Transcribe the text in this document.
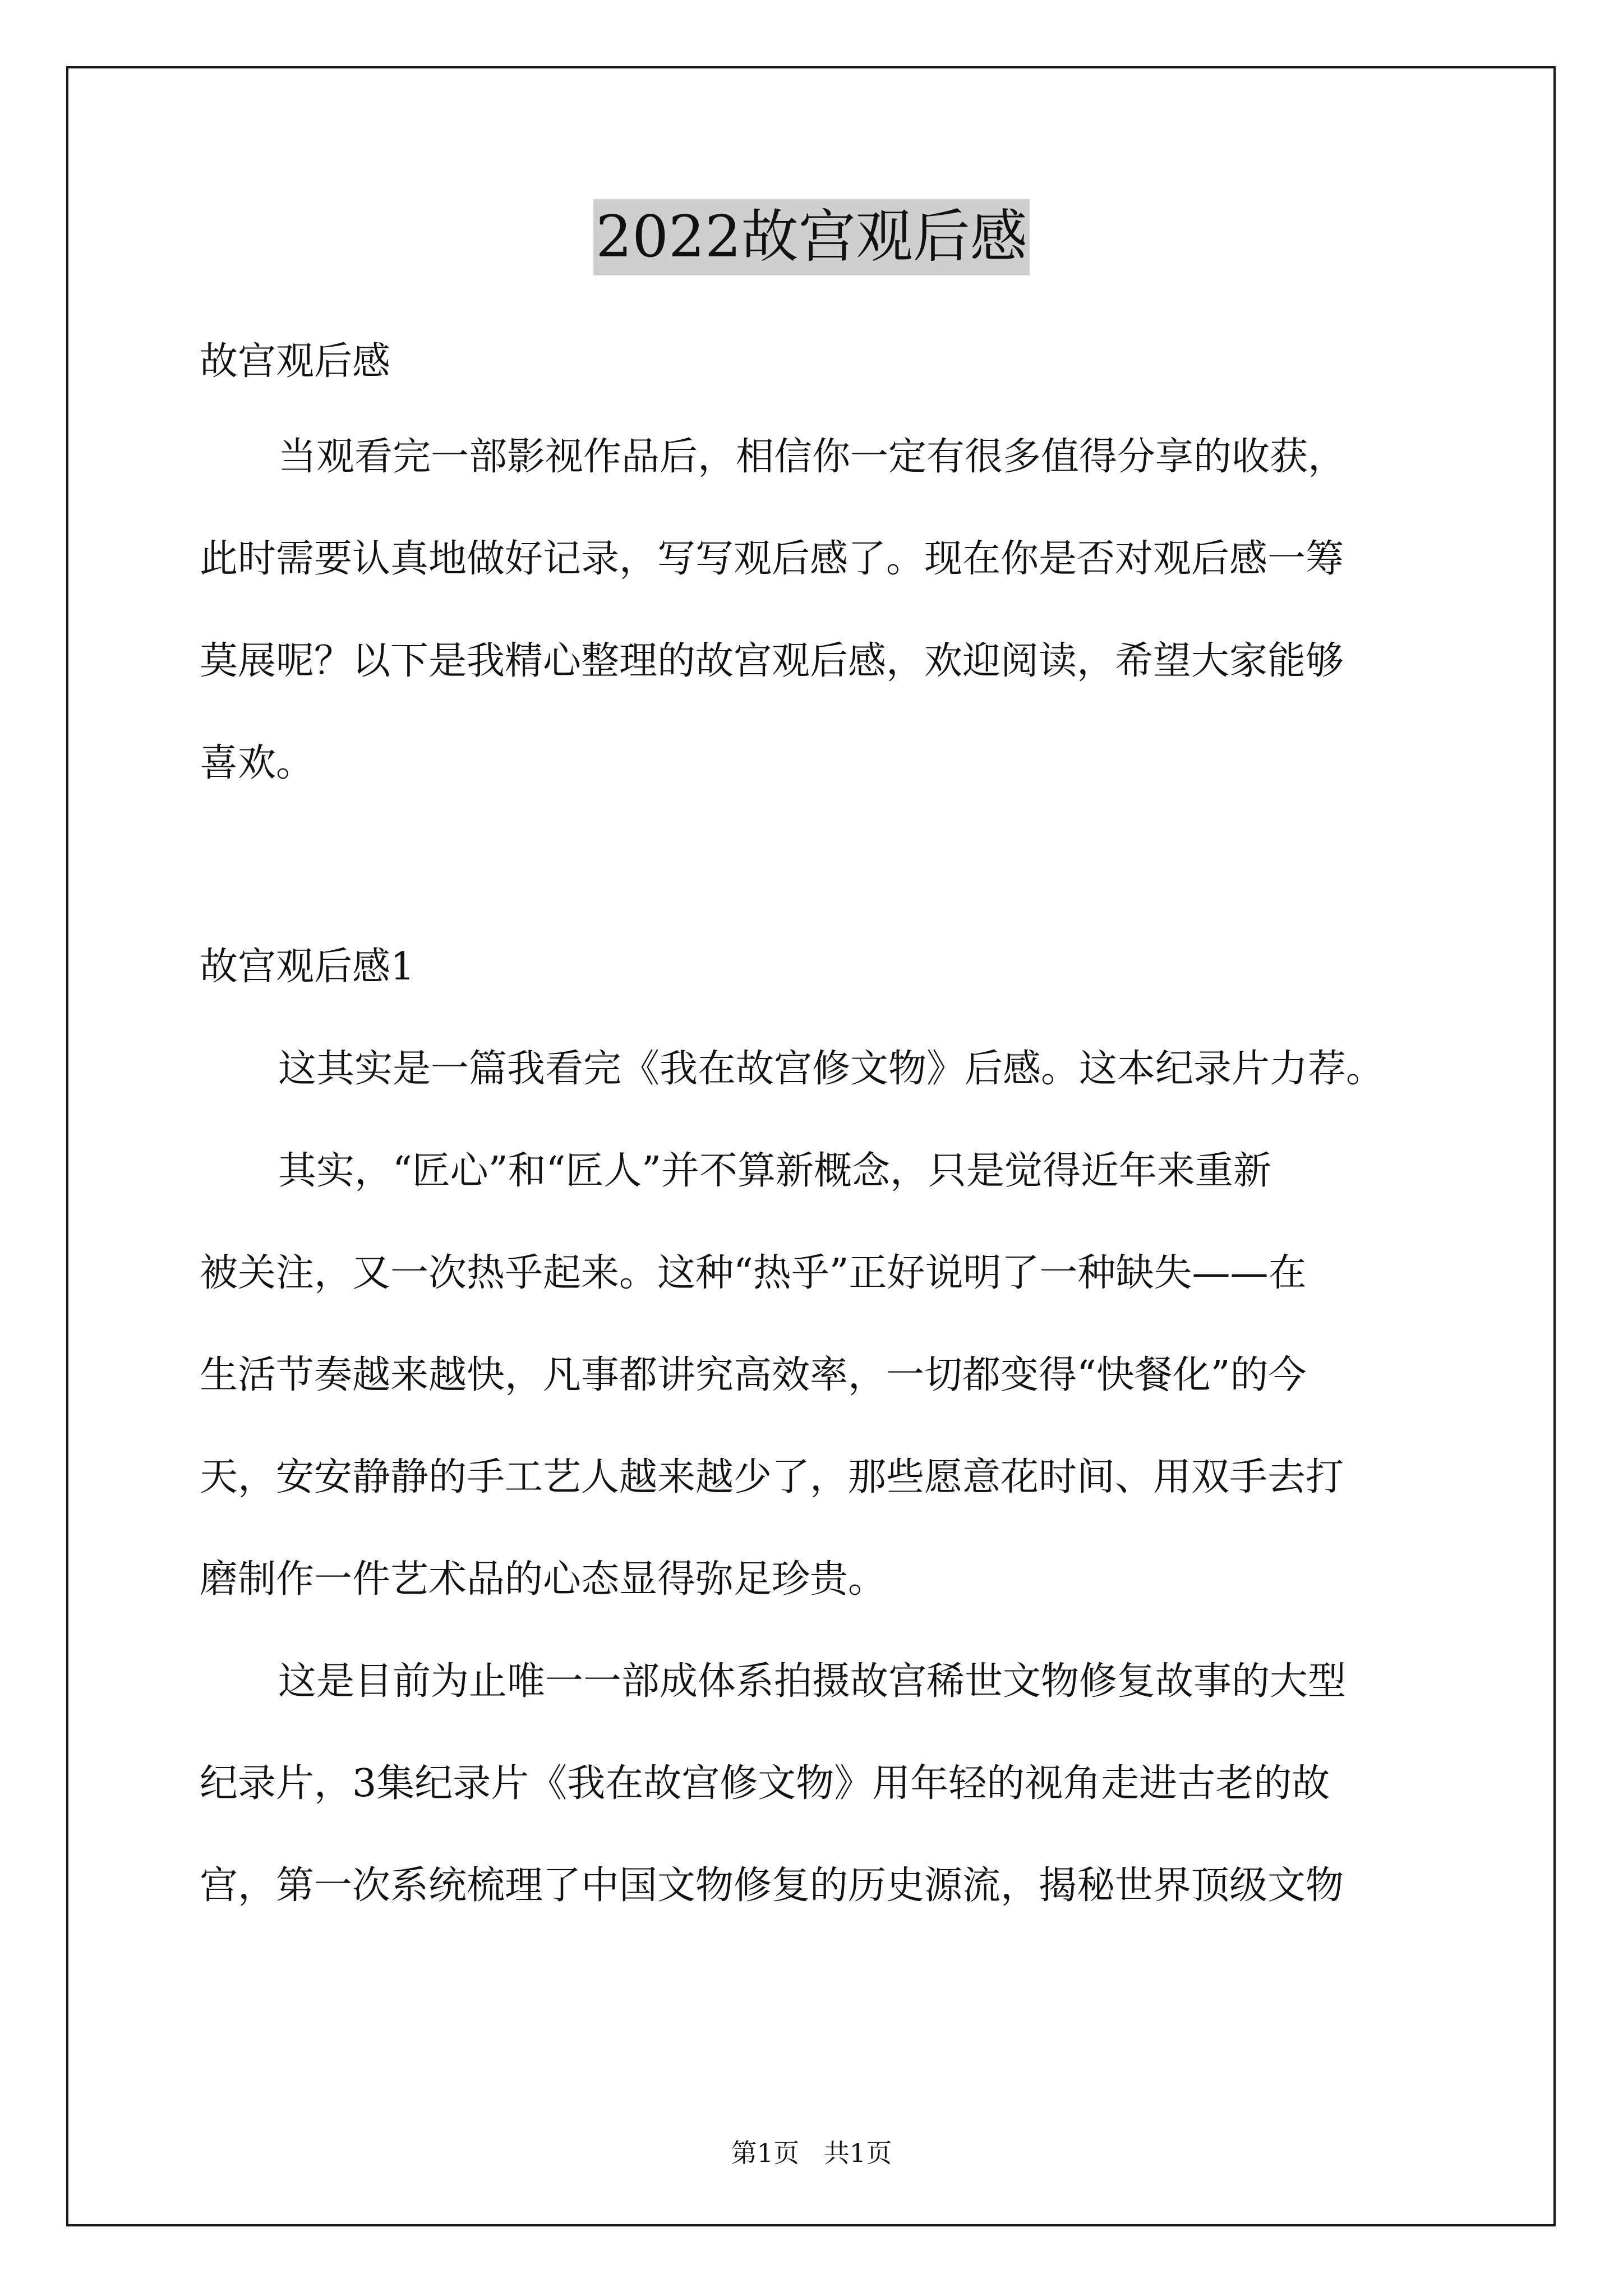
2022故宫观后感
故宫观后感
当观看完一部影视作品后，相信你一定有很多值得分享的收获，
此时需要认真地做好记录，写写观后感了。现在你是否对观后感一筹
莫展呢？以下是我精心整理的故宫观后感，欢迎阅读，希望大家能够
喜欢。
故宫观后感1
这其实是一篇我看完《我在故宫修文物》后感。这本纪录片力荐。
其实，“匠心”和“匠人”并不算新概念，只是觉得近年来重新
被关注，又一次热乎起来。这种“热乎”正好说明了一种缺失——在
生活节奏越来越快，凡事都讲究高效率，一切都变得“快餐化”的今
天，安安静静的手工艺人越来越少了，那些愿意花时间、用双手去打
磨制作一件艺术品的心态显得弥足珍贵。
这是目前为止唯一一部成体系拍摄故宫稀世文物修复故事的大型
纪录片，3集纪录片《我在故宫修文物》用年轻的视角走进古老的故
宫，第一次系统梳理了中国文物修复的历史源流，揭秘世界顶级文物
第1页   共1页
